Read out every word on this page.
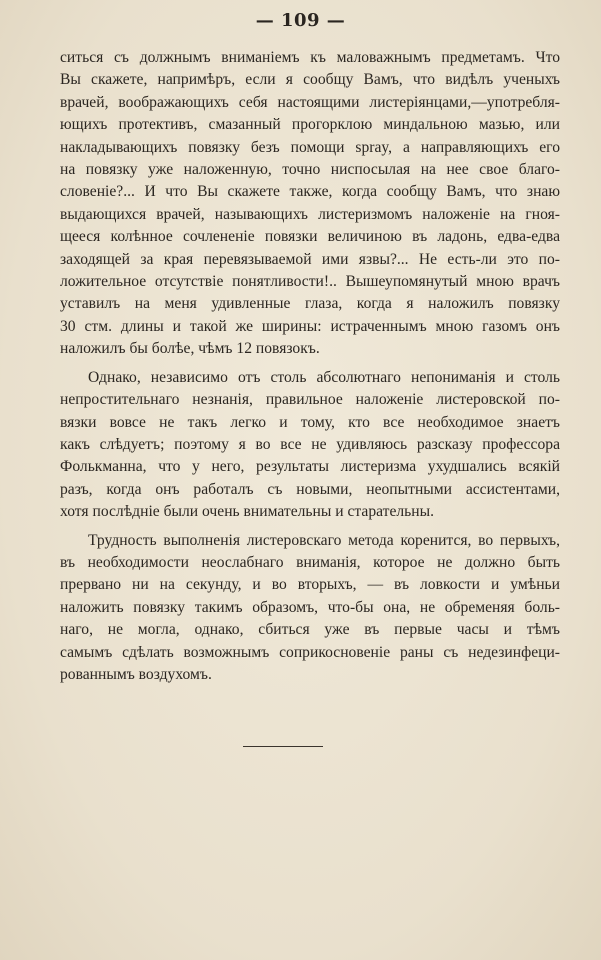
— 109 —
ситься съ должнымъ вниманіемъ къ маловажнымъ предметамъ. Что
Вы скажете, напримѣръ, если я сообщу Вамъ, что видѣлъ ученыхъ
врачей, воображающихъ себя настоящими листеріянцами,—употребля-
ющихъ протективъ, смазанный прогорклою миндальною мазью, или
накладывающихъ повязку безъ помощи spray, а направляющихъ его
на повязку уже наложенную, точно ниспосылая на нее свое благо-
словеніе?... И что Вы скажете также, когда сообщу Вамъ, что знаю
выдающихся врачей, называющихъ листеризмомъ наложеніе на гноя-
щееся колѣнное сочлененіе повязки величиною въ ладонь, едва-едва
заходящей за края перевязываемой ими язвы?... Не есть-ли это по-
ложительное отсутствіе понятливости!.. Вышеупомянутый мною врачъ
уставилъ на меня удивленные глаза, когда я наложилъ повязку
30 стм. длины и такой же ширины: истраченнымъ мною газомъ онъ
наложилъ бы болѣе, чѣмъ 12 повязокъ.
Однако, независимо отъ столь абсолютнаго непониманія и столь
непростительнаго незнанія, правильное наложеніе листеровской по-
вязки вовсе не такъ легко и тому, кто все необходимое знаетъ
какъ слѣдуетъ; поэтому я во все не удивляюсь разсказу профессора
Фолькманна, что у него, результаты листеризма ухудшались всякій
разъ, когда онъ работалъ съ новыми, неопытными ассистентами,
хотя послѣдніе были очень внимательны и старательны.
Трудность выполненія листеровскаго метода коренится, во первыхъ,
въ необходимости неослабнаго вниманія, которое не должно быть
прервано ни на секунду, и во вторыхъ, — въ ловкости и умѣньи
наложить повязку такимъ образомъ, что-бы она, не обременяя боль-
наго, не могла, однако, сбиться уже въ первые часы и тѣмъ
самымъ сдѣлать возможнымъ соприкосновеніе раны съ недезинфеци-
рованнымъ воздухомъ.
